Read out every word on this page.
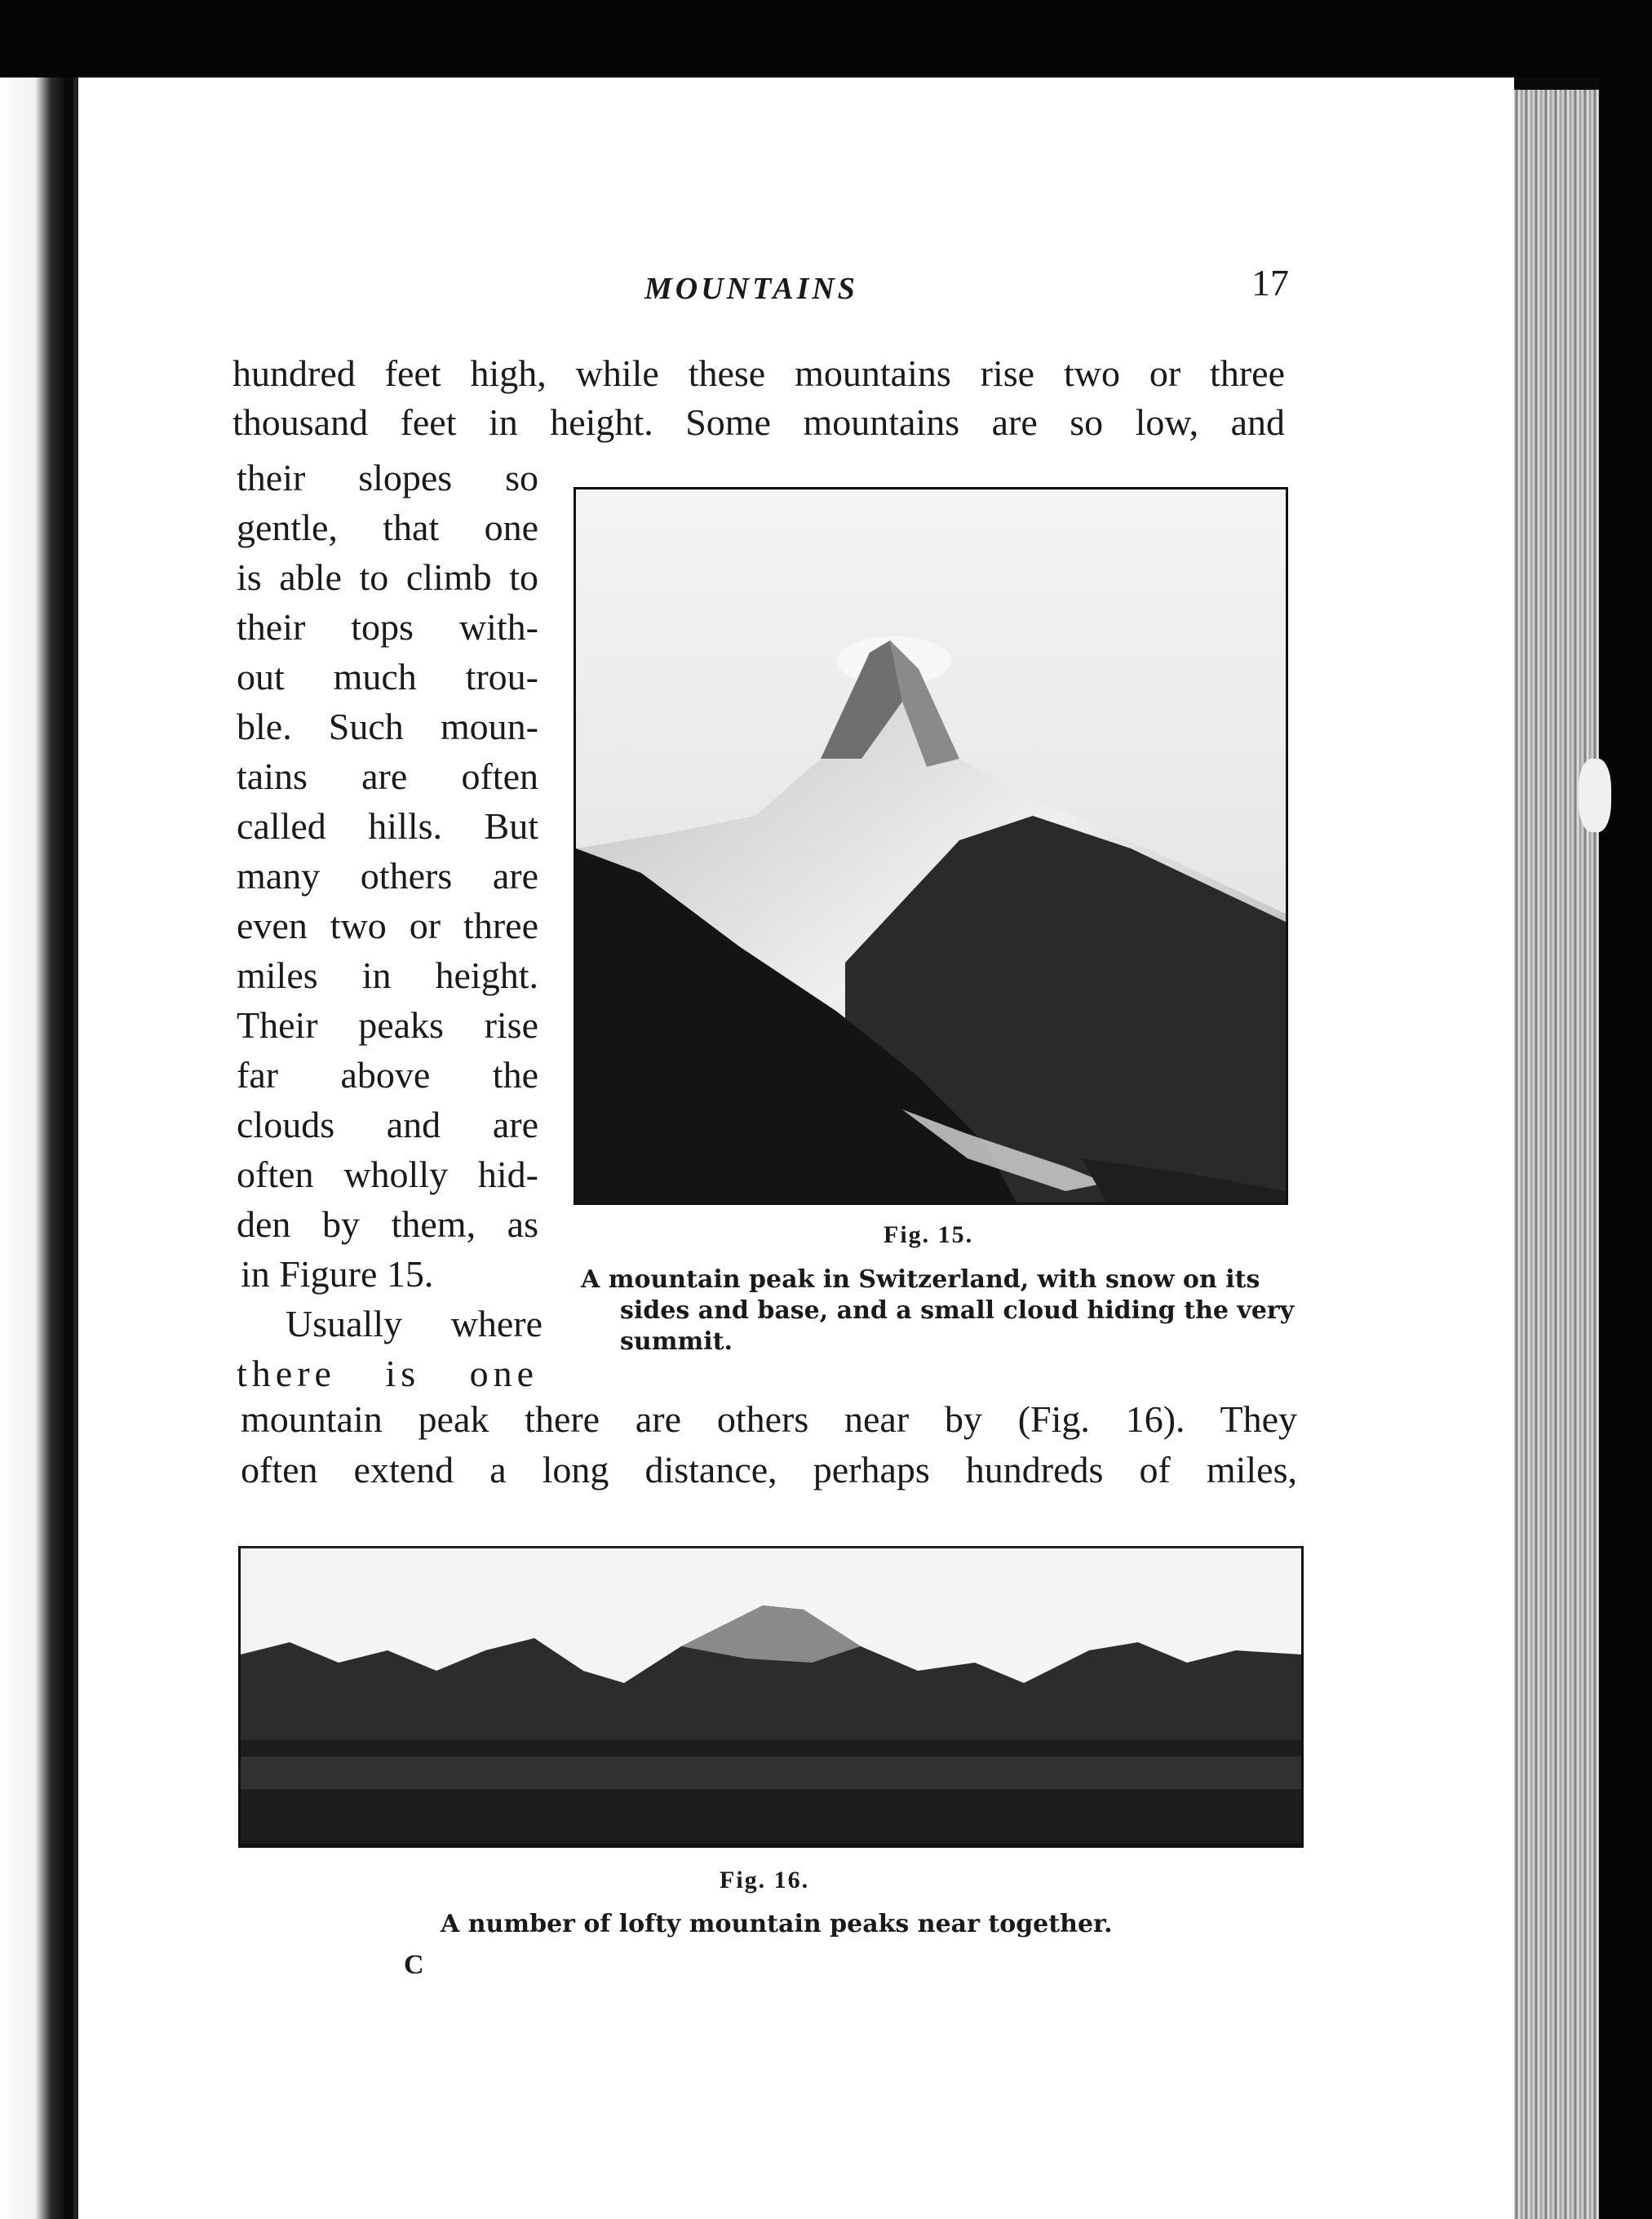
MOUNTAINS	17
hundred feet high, while these mountains rise two or three
thousand feet in height. Some mountains are so low, and
their slopes so
gentle, that one
is able to climb to
their tops with-
out much trou-
ble. Such moun-
tains are often
called hills. But
many others are
even two or three
miles in height.
Their peaks rise
far above the
clouds and are
often wholly hid-
den by them, as
in Figure 15.
Usually where
there is one
mountain peak there are others near by (Fig. 16). They
often extend a long distance, perhaps hundreds of miles,
Fig. 15.
A mountain peak in Switzerland, with snow on its
sides and base, and a small cloud hiding the very
summit.
Fig. 16.
A number of lofty mountain peaks near together.
C
